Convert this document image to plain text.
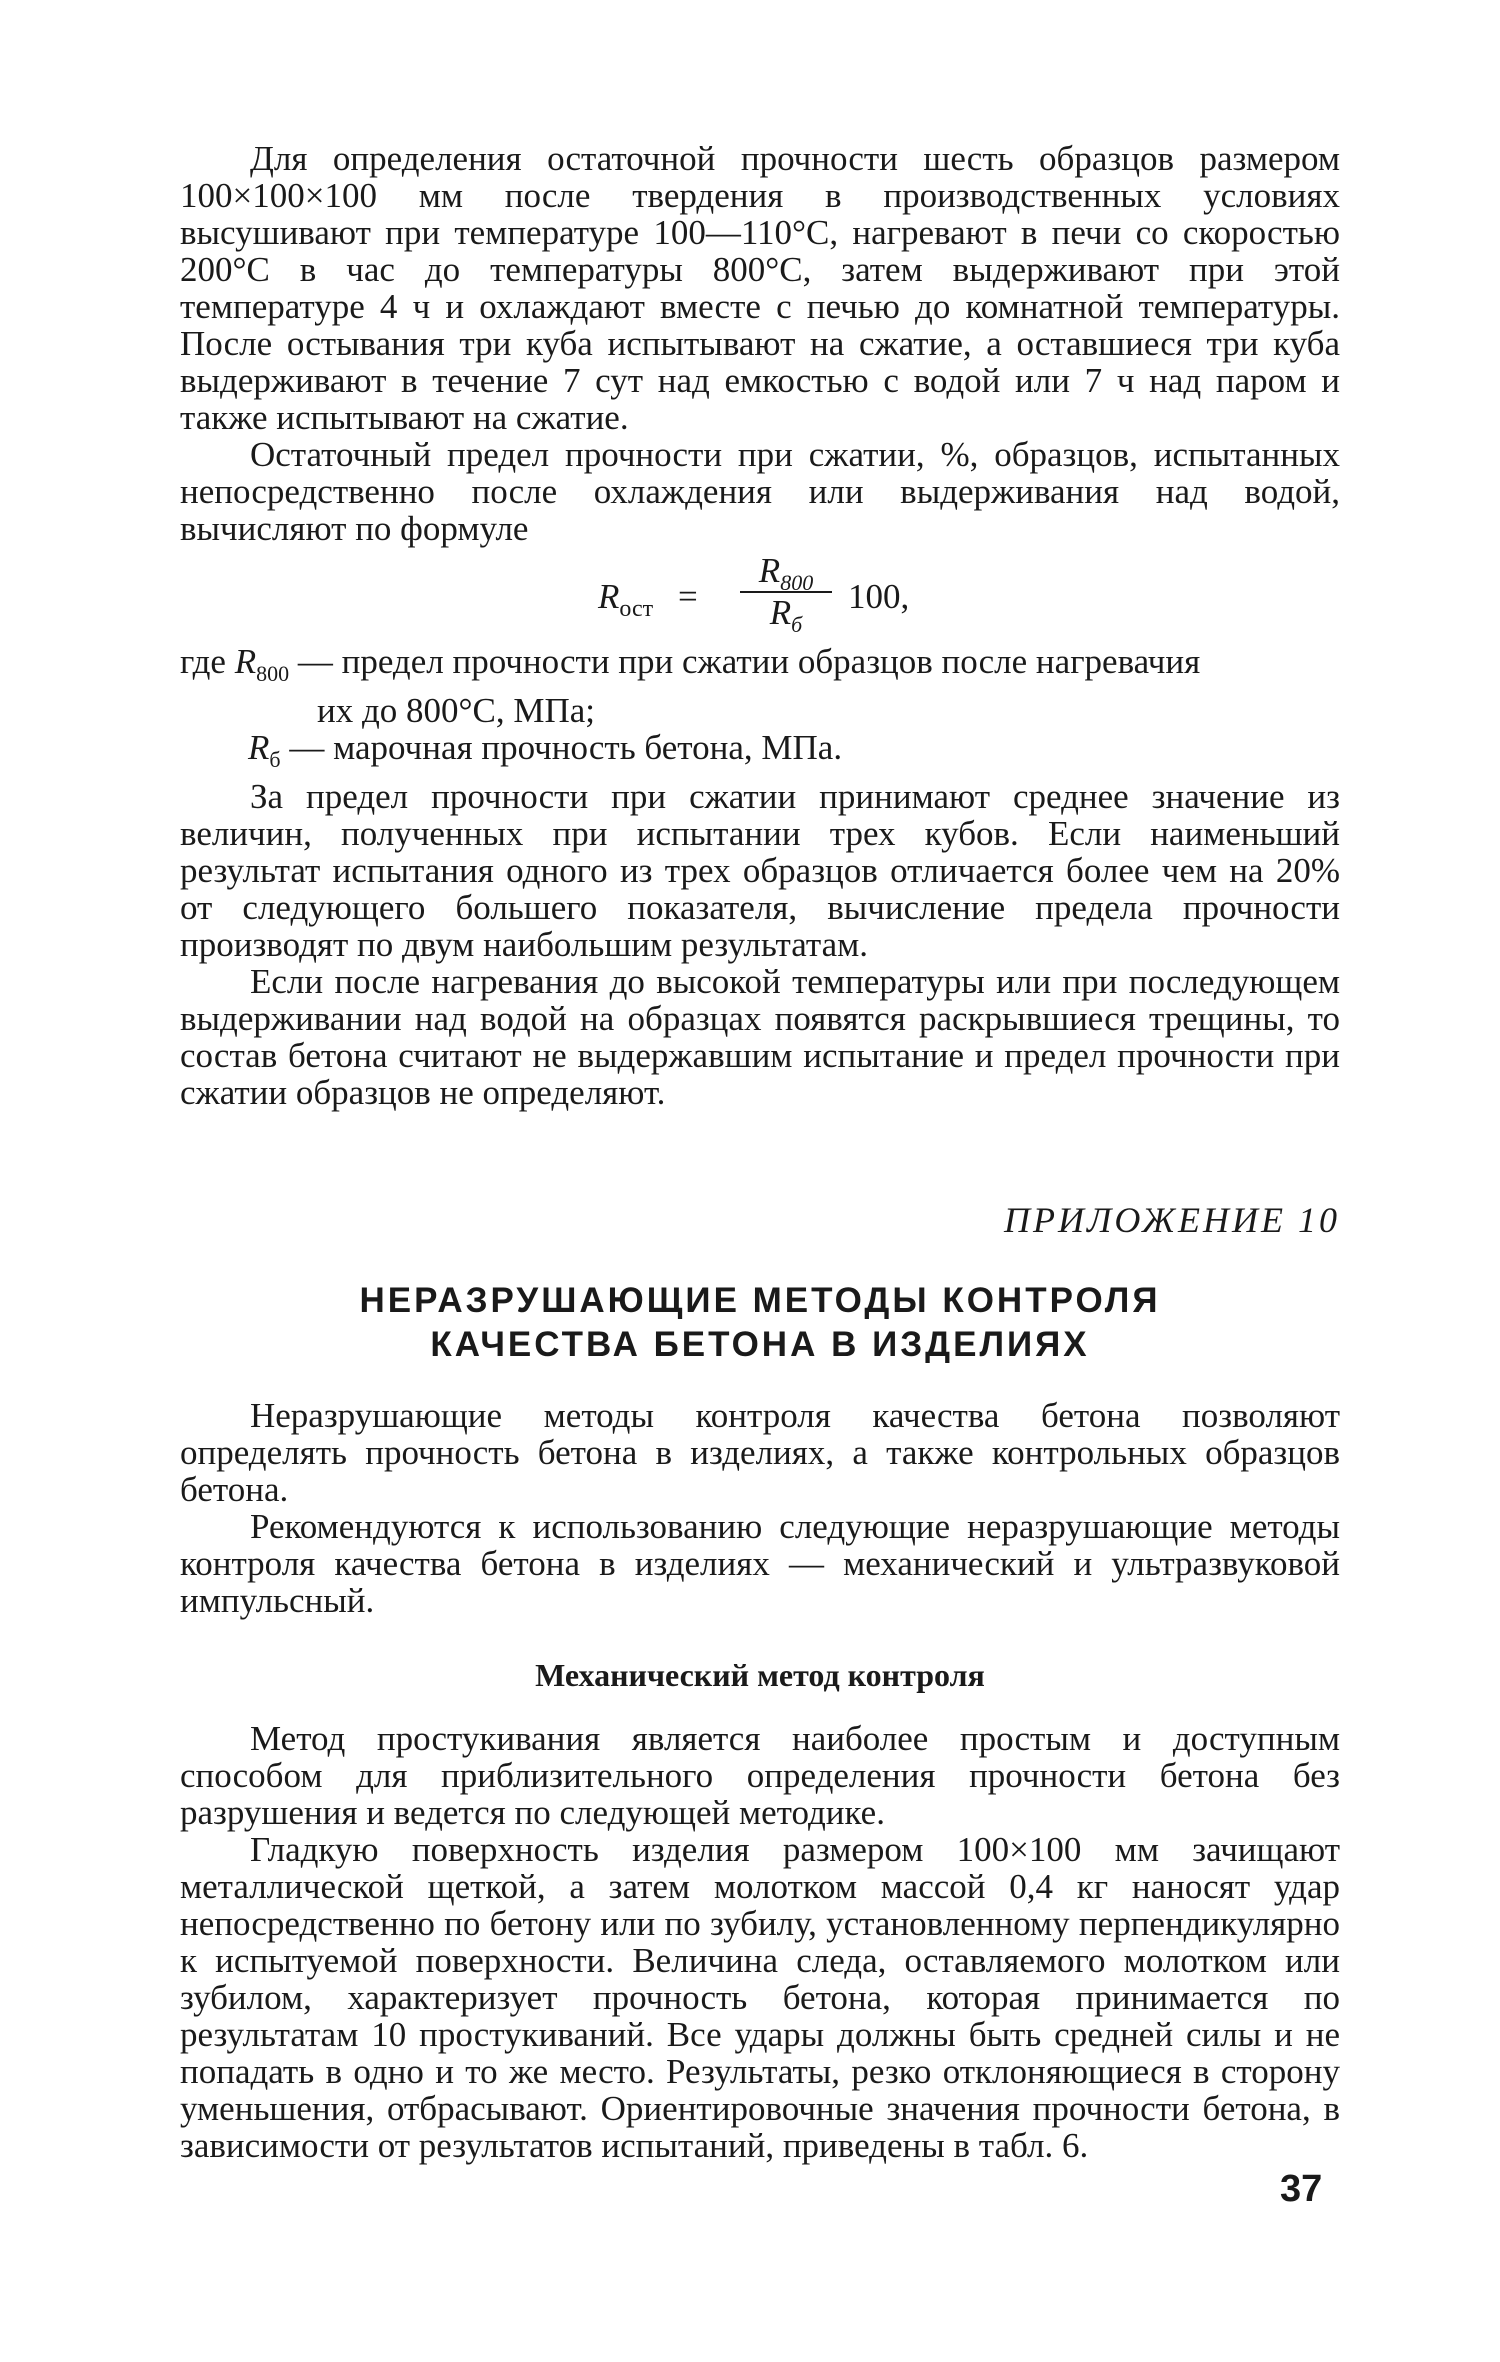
Для определения остаточной прочности шесть образцов размером 100×100×100 мм после твердения в производственных условиях высушивают при температуре 100—110°С, нагревают в печи со скоростью 200°С в час до температуры 800°С, затем выдерживают при этой температуре 4 ч и охлаждают вместе с печью до комнатной температуры. После остывания три куба испытывают на сжатие, а оставшиеся три куба выдерживают в течение 7 сут над емкостью с водой или 7 ч над паром и также испытывают на сжатие.

Остаточный предел прочности при сжатии, %, образцов, испытанных непосредственно после охлаждения или выдерживания над водой, вычисляют по формуле

$R_{ост}$ =
$R_{800}$
$R_б$
100,
где $R_{800}$ — предел прочности при сжатии образцов после нагревачия
их до 800°С, МПа;
$R_б$ — марочная прочность бетона, МПа.

За предел прочности при сжатии принимают среднее значение из величин, полученных при испытании трех кубов. Если наименьший результат испытания одного из трех образцов отличается более чем на 20% от следующего большего показателя, вычисление предела прочности производят по двум наибольшим результатам.

Если после нагревания до высокой температуры или при последующем выдерживании над водой на образцах появятся раскрывшиеся трещины, то состав бетона считают не выдержавшим испытание и предел прочности при сжатии образцов не определяют.

ПРИЛОЖЕНИЕ 10
НЕРАЗРУШАЮЩИЕ МЕТОДЫ КОНТРОЛЯ
КАЧЕСТВА БЕТОНА В ИЗДЕЛИЯХ

Неразрушающие методы контроля качества бетона позволяют определять прочность бетона в изделиях, а также контрольных образцов бетона.

Рекомендуются к использованию следующие неразрушающие методы контроля качества бетона в изделиях — механический и ультразвуковой импульсный.

Механический метод контроля

Метод простукивания является наиболее простым и доступным способом для приблизительного определения прочности бетона без разрушения и ведется по следующей методике.

Гладкую поверхность изделия размером 100×100 мм зачищают металлической щеткой, а затем молотком массой 0,4 кг наносят удар непосредственно по бетону или по зубилу, установленному перпендикулярно к испытуемой поверхности. Величина следа, оставляемого молотком или зубилом, характеризует прочность бетона, которая принимается по результатам 10 простукиваний. Все удары должны быть средней силы и не попадать в одно и то же место. Результаты, резко отклоняющиеся в сторону уменьшения, отбрасывают. Ориентировочные значения прочности бетона, в зависимости от результатов испытаний, приведены в табл. 6.

37
